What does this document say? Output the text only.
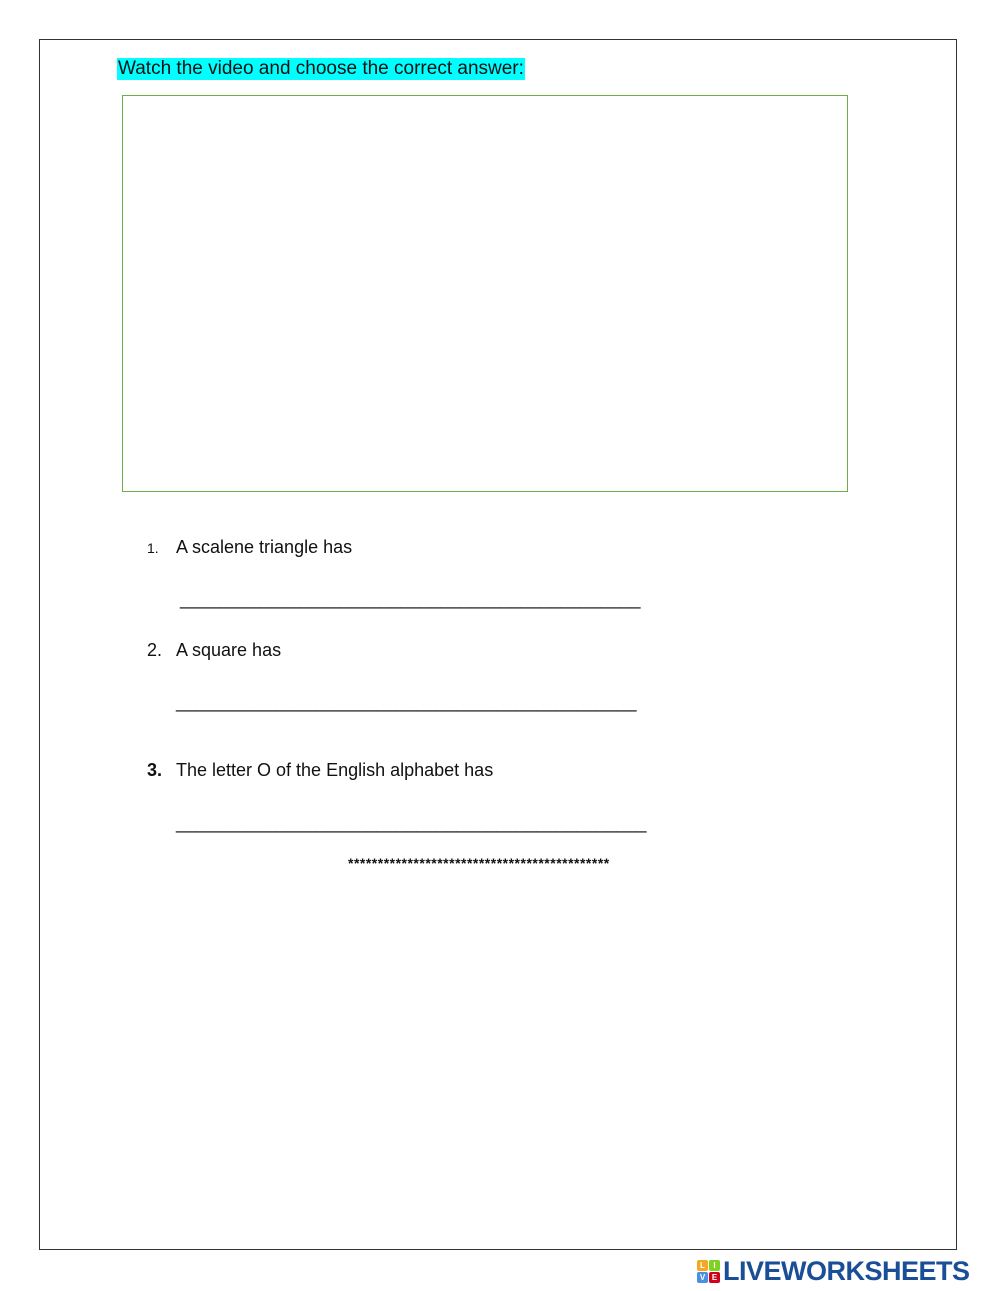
Watch the video and choose the correct answer:
1. A scalene triangle has
______________________________________________
2. A square has
______________________________________________
3. The letter O of the English alphabet has
_______________________________________________
********************************************
L	I
V E LIVEWORKSHEETS
